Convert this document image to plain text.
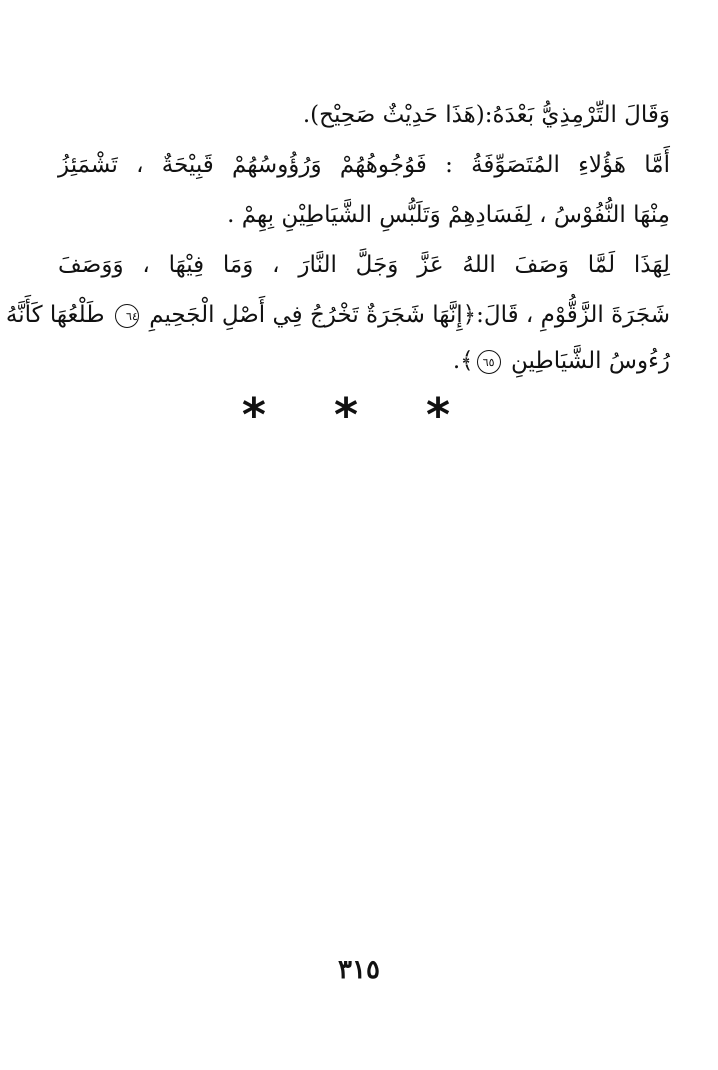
وَقَالَ التِّرْمِذِيُّ بَعْدَهُ:(هَذَا حَدِيْثٌ صَحِيْح).

أَمَّا هَؤُلاءِ المُتَصَوِّفَةُ : فَوُجُوهُهُمْ وَرُؤُوسُهُمْ قَبِيْحَةٌ ، تَشْمَئِزُ

مِنْهَا النُّفُوْسُ ، لِفَسَادِهِمْ وَتَلَبُّسِ الشَّيَاطِيْنِ بِهِمْ .

لِهَذَا لَمَّا وَصَفَ اللهُ عَزَّ وَجَلَّ النَّارَ ، وَمَا فِيْهَا ، وَوَصَفَ

شَجَرَةَ الزَّقُّوْمِ ، قَالَ:﴿إِنَّهَا شَجَرَةٌ تَخْرُجُ فِي أَصْلِ الْجَحِيمِ ٦٤ طَلْعُهَا كَأَنَّهُ

رُءُوسُ الشَّيَاطِينِ ٦٥﴾.

* * *
٣١٥
